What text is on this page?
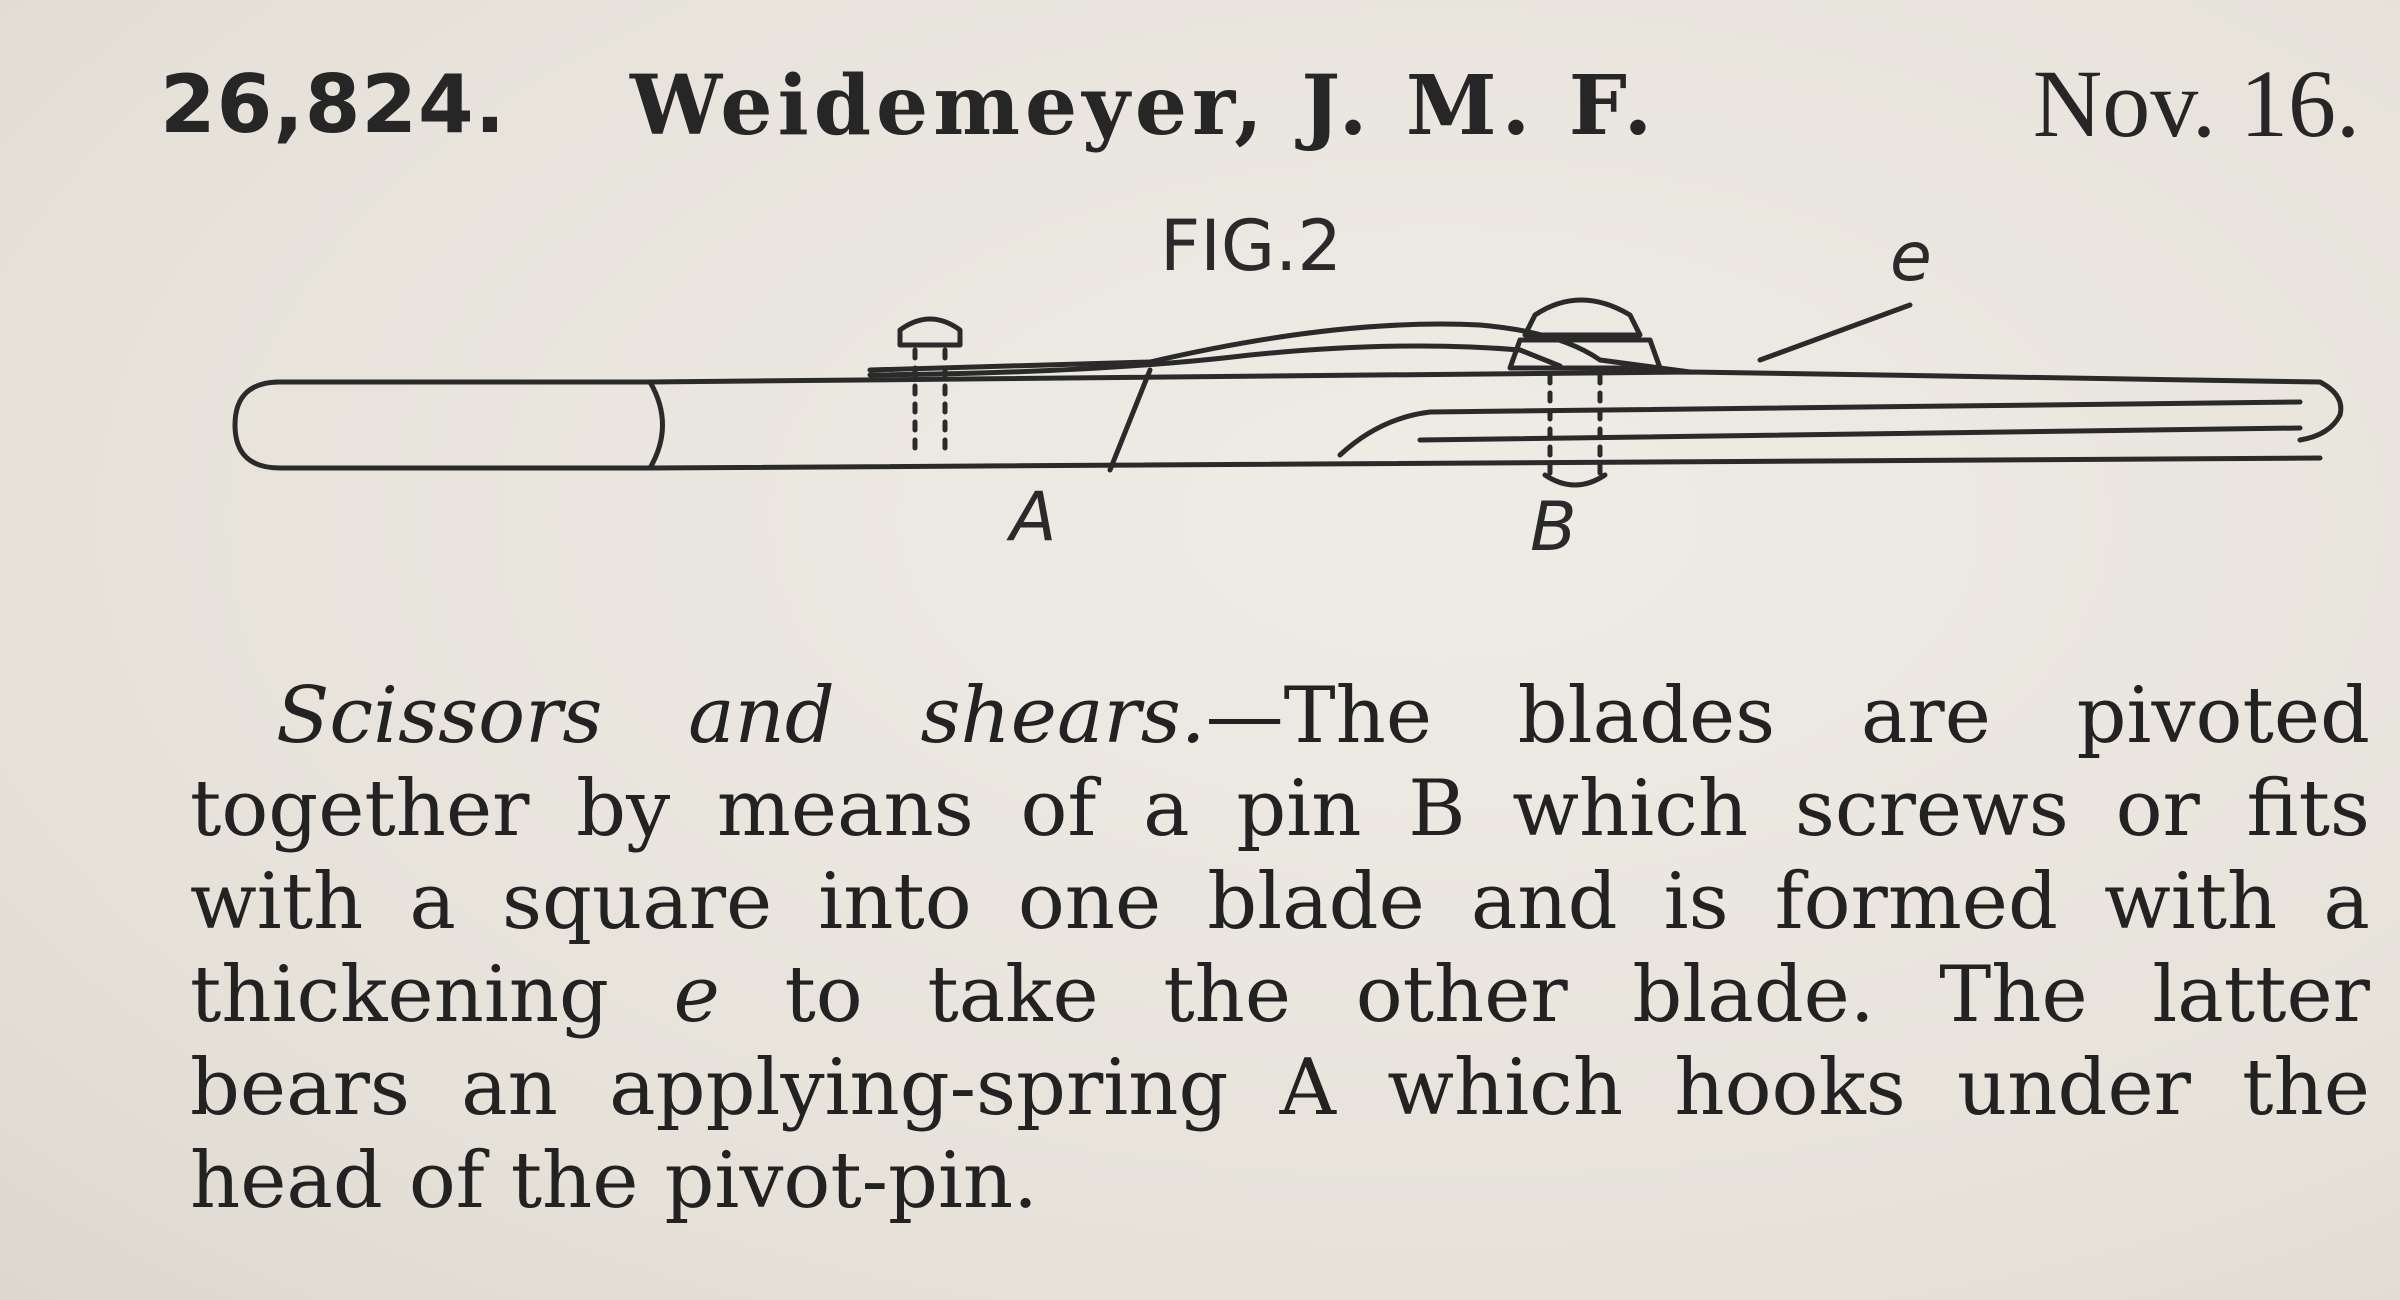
26,824. Weidemeyer, J. M. F.	Nov. 16.
FIG.2	e
A	B
Scissors and shears.—The blades are pivoted
together by means of a pin B which screws or fits
with a square into one blade and is formed with a
thickening e to take the other blade. The latter
bears an applying-spring A which hooks under the
head of the pivot-pin.
